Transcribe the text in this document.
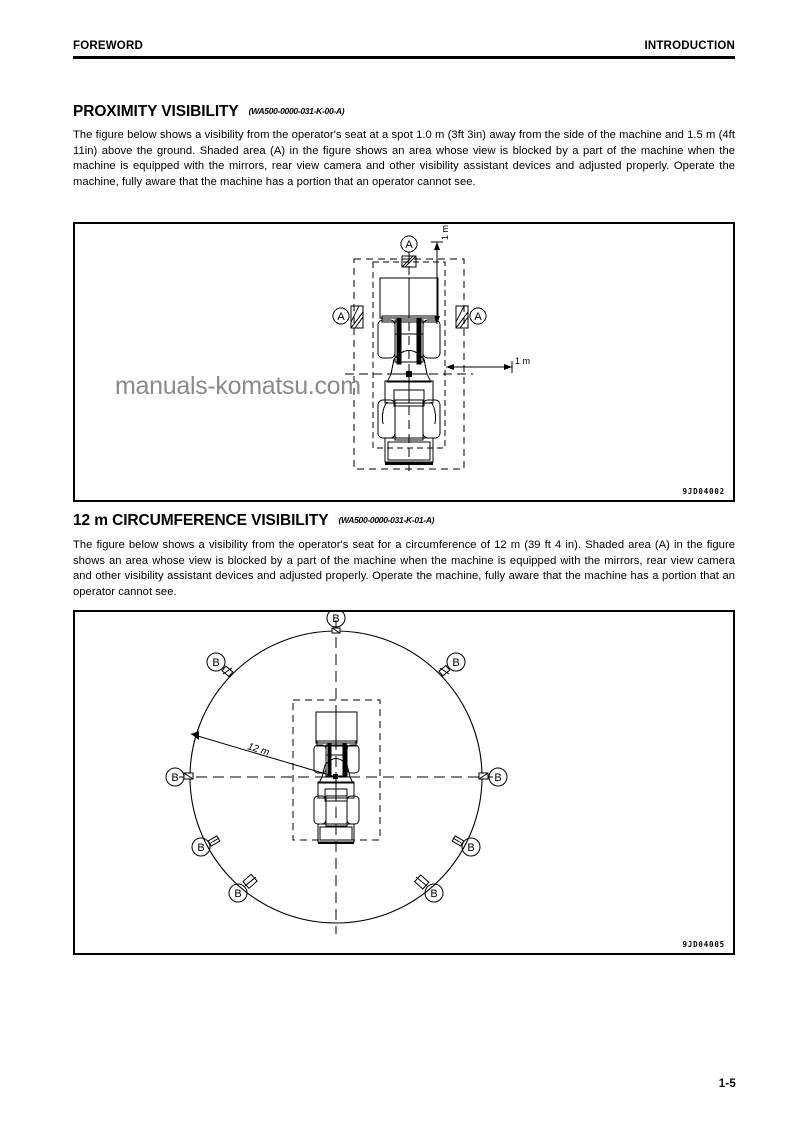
FOREWORD	INTRODUCTION
PROXIMITY VISIBILITY (WA500-0000-031-K-00-A)
The figure below shows a visibility from the operator's seat at a spot 1.0 m (3ft 3in) away from the side of the machine and 1.5 m (4ft 11in) above the ground. Shaded area (A) in the figure shows an area whose view is blocked by a part of the machine when the machine is equipped with the mirrors, rear view camera and other visibility assistant devices and adjusted properly. Operate the machine, fully aware that the machine has a portion that an operator cannot see.
A
A	A
1 m
1 m
9JD04002
manuals-komatsu.com
12 m CIRCUMFERENCE VISIBILITY (WA500-0000-031-K-01-A)
The figure below shows a visibility from the operator's seat for a circumference of 12 m (39 ft 4 in). Shaded area (A) in the figure shows an area whose view is blocked by a part of the machine when the machine is equipped with the mirrors, rear view camera and other visibility assistant devices and adjusted properly. Operate the machine, fully aware that the machine has a portion that an operator cannot see.
B
B	B
B	B
B	B
B	B
12 m
9JD04005
1-5
